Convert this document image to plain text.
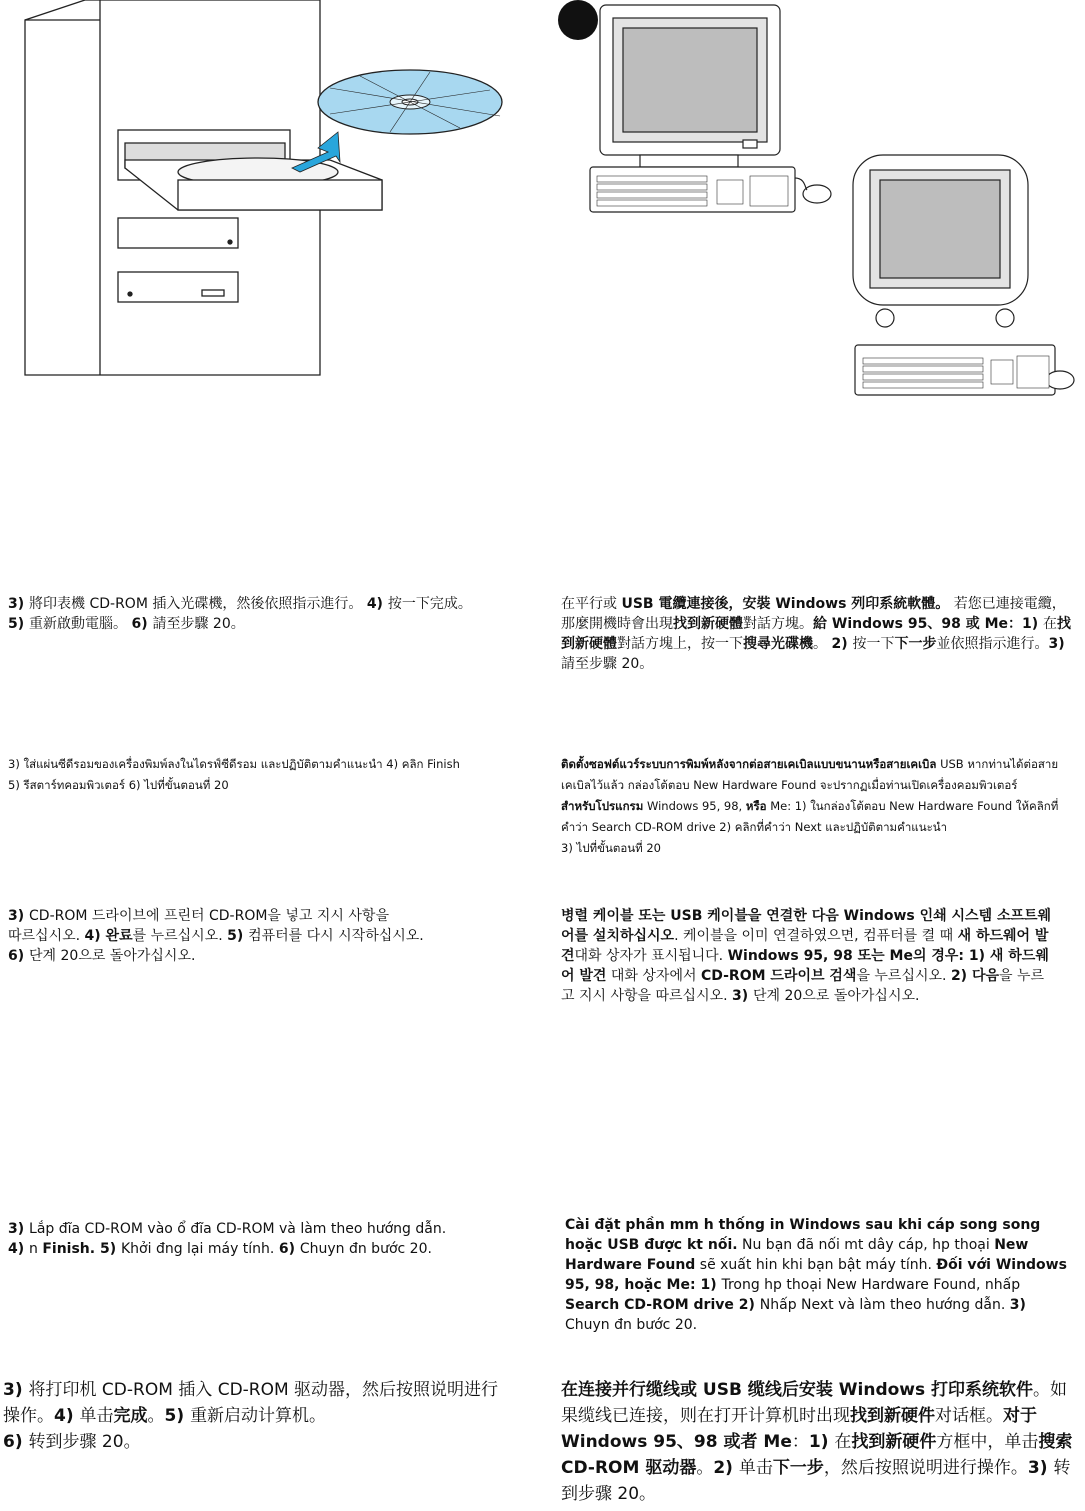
3) 將印表機 CD-ROM 插入光碟機，然後依照指示進行。 4) 按一下完成。
5) 重新啟動電腦。 6) 請至步驟 20。
在平行或 USB 電纜連接後，安裝 Windows 列印系統軟體。 若您已連接電纜，那麼開機時會出現找到新硬體對話方塊。給 Windows 95、98 或 Me：1) 在找到新硬體對話方塊上，按一下搜尋光碟機。 2) 按一下下一步並依照指示進行。3) 請至步驟 20。
3) ใส่แผ่นซีดีรอมของเครื่องพิมพ์ลงในไดรฟ์ซีดีรอม และปฏิบัติตามคำแนะนำ 4) คลิก Finish
5) รีสตาร์ทคอมพิวเตอร์ 6) ไปที่ขั้นตอนที่ 20
ติดตั้งซอฟต์แวร์ระบบการพิมพ์หลังจากต่อสายเคเบิลแบบขนานหรือสายเคเบิล USB หากท่านได้ต่อสายเคเบิลไว้แล้ว กล่องโต้ตอบ New Hardware Found จะปรากฏเมื่อท่านเปิดเครื่องคอมพิวเตอร์
สำหรับโปรแกรม Windows 95, 98, หรือ Me: 1) ในกล่องโต้ตอบ New Hardware Found ให้คลิกที่คำว่า Search CD-ROM drive 2) คลิกที่คำว่า Next และปฏิบัติตามคำแนะนำ
3) ไปที่ขั้นตอนที่ 20
3) CD-ROM 드라이브에 프린터 CD-ROM을 넣고 지시 사항을
따르십시오. 4) 완료를 누르십시오. 5) 컴퓨터를 다시 시작하십시오.
6) 단계 20으로 돌아가십시오.
병렬 케이블 또는 USB 케이블을 연결한 다음 Windows 인쇄 시스템 소프트웨어를 설치하십시오. 케이블을 이미 연결하였으면, 컴퓨터를 켤 때 새 하드웨어 발견대화 상자가 표시됩니다. Windows 95, 98 또는 Me의 경우: 1) 새 하드웨어 발견 대화 상자에서 CD-ROM 드라이브 검색을 누르십시오. 2) 다음을 누르고 지시 사항을 따르십시오. 3) 단계 20으로 돌아가십시오.
3) Lắp đĩa CD-ROM vào ổ đĩa CD-ROM và làm theo hướng dẫn.
4) n Finish. 5) Khởi đng lại máy tính. 6) Chuyn đn bước 20.
Cài đặt phần mm h thống in Windows sau khi cáp song song hoặc USB được kt nối. Nu bạn đã nối mt dây cáp, hp thoại New Hardware Found sẽ xuất hin khi bạn bật máy tính. Đối với Windows 95, 98, hoặc Me: 1) Trong hp thoại New Hardware Found, nhấp Search CD-ROM drive 2) Nhấp Next và làm theo hướng dẫn. 3) Chuyn đn bước 20.
3) 将打印机 CD-ROM 插入 CD-ROM 驱动器，然后按照说明进行操作。4) 单击完成。5) 重新启动计算机。
6) 转到步骤 20。
在连接并行缆线或 USB 缆线后安装 Windows 打印系统软件。如果缆线已连接，则在打开计算机时出现找到新硬件对话框。对于 Windows 95、98 或者 Me：1) 在找到新硬件方框中，单击搜索 CD-ROM 驱动器。2) 单击下一步，然后按照说明进行操作。3) 转到步骤 20。
